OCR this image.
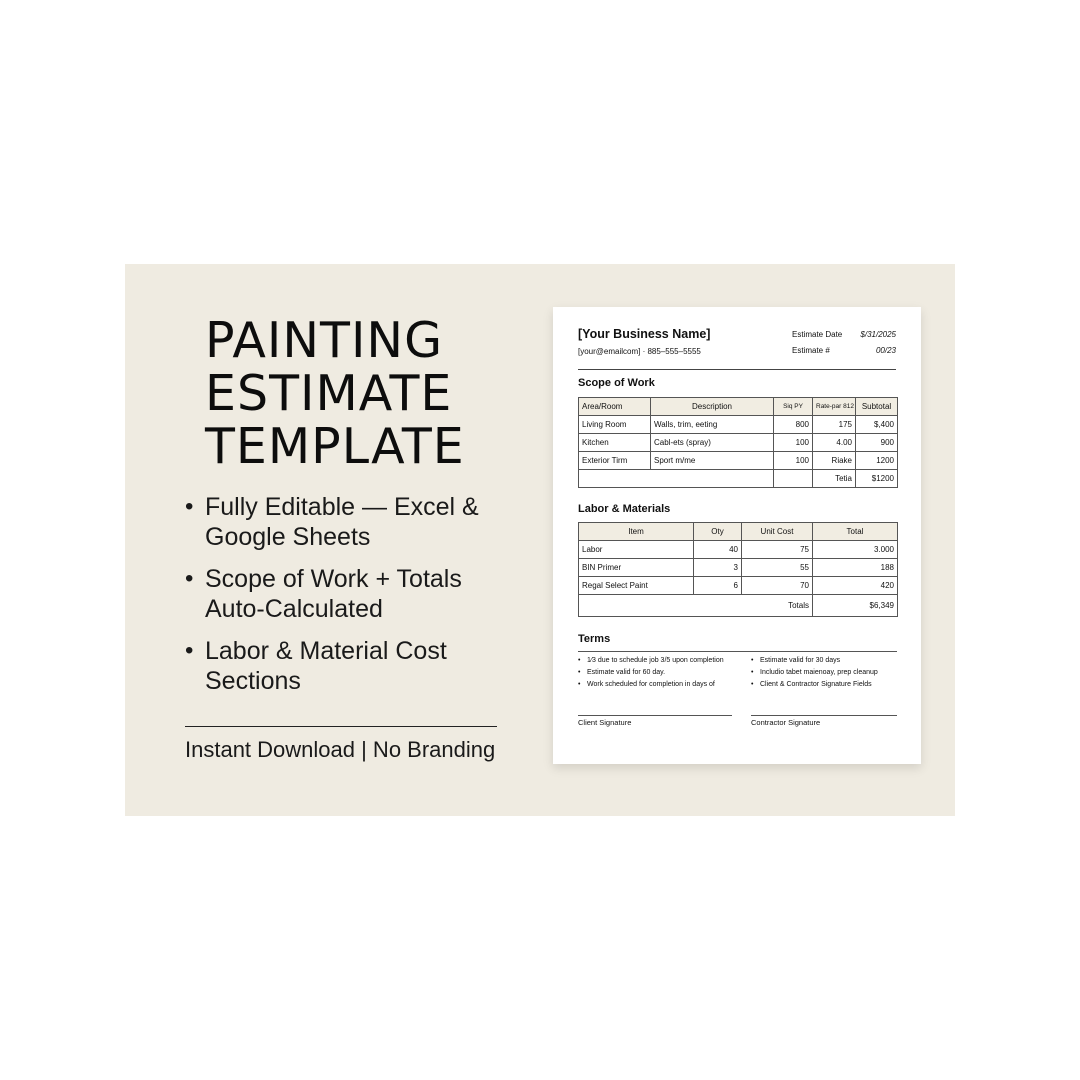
PAINTING
ESTIMATE
TEMPLATE
• Fully Editable — Excel & Google Sheets
• Scope of Work + Totals Auto-Calculated
• Labor & Material Cost Sections
Instant Download | No Branding
[Your Business Name]
[your@emailcom] · 885–555–5555
Estimate Date $/31/2025
Estimate #	00/23
Scope of Work
Area/Room	Description	Siq PY	Rate-par 812	Subtotal
Living Room	Walls, trim, eeting	800	175	$,400
Kitchen	Cabl-ets (spray)	100	4.00	900
Exterior Tirm	Sport m/me	100	Riake	1200
			Tetia	$1200
Labor & Materials
Item	Oty	Unit Cost	Total
Labor	40	75	3.000
BIN Primer	3	55	188
Regal Select Paint	6	70	420
Totals			$6,349
Terms
• 1⁄3 due to schedule job 3/5 upon completion
• Estimate valid for 60 day.
• Work scheduled for completion in days of
• Estimate valid for 30 days
• Includio tabet maienoay, prep cleanup
• Client & Contractor Signature Fields
Client Signature	Contractor Signature
